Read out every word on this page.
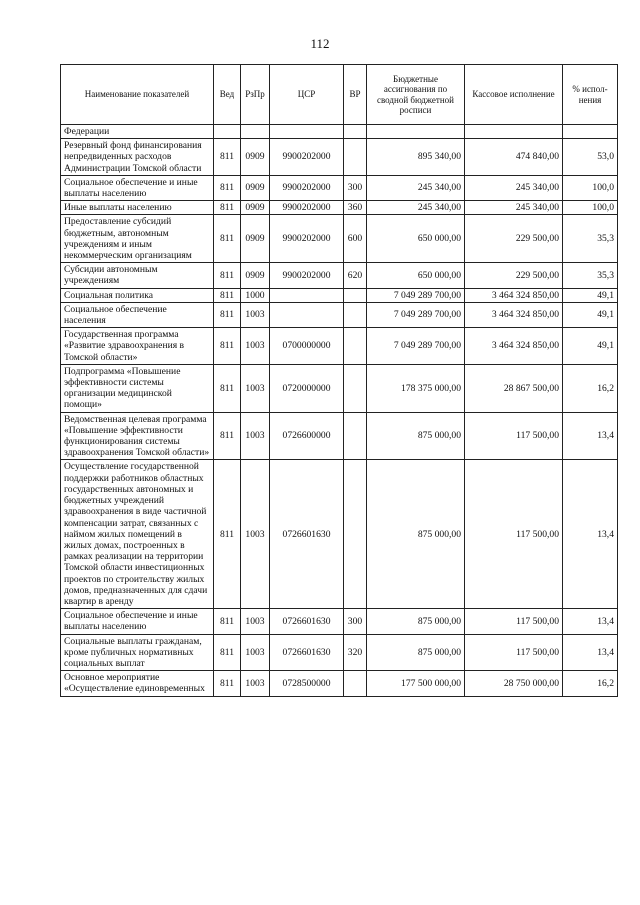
112
Наименование показателей	Вед	РзПр	ЦСР	ВР	Бюджетные ассигнования по сводной бюджетной росписи	Кассовое исполнение	% испол-нения
Федерации							
Резервный фонд финансирования непредвиденных расходов Администрации Томской области	811	0909	9900202000		895 340,00	474 840,00	53,0
Социальное обеспечение и иные выплаты населению	811	0909	9900202000	300	245 340,00	245 340,00	100,0
Иные выплаты населению	811	0909	9900202000	360	245 340,00	245 340,00	100,0
Предоставление субсидий бюджетным, автономным учреждениям и иным некоммерческим организациям	811	0909	9900202000	600	650 000,00	229 500,00	35,3
Субсидии автономным учреждениям	811	0909	9900202000	620	650 000,00	229 500,00	35,3
Социальная политика	811	1000			7 049 289 700,00	3 464 324 850,00	49,1
Социальное обеспечение населения	811	1003			7 049 289 700,00	3 464 324 850,00	49,1
Государственная программа «Развитие здравоохранения в Томской области»	811	1003	0700000000		7 049 289 700,00	3 464 324 850,00	49,1
Подпрограмма «Повышение эффективности системы организации медицинской помощи»	811	1003	0720000000		178 375 000,00	28 867 500,00	16,2
Ведомственная целевая программа «Повышение эффективности функционирования системы здравоохранения Томской области»	811	1003	0726600000		875 000,00	117 500,00	13,4
Осуществление государственной поддержки работников областных государственных автономных и бюджетных учреждений здравоохранения в виде частичной компенсации затрат, связанных с наймом жилых помещений в жилых домах, построенных в рамках реализации на территории Томской области инвестиционных проектов по строительству жилых домов, предназначенных для сдачи квартир в аренду	811	1003	0726601630		875 000,00	117 500,00	13,4
Социальное обеспечение и иные выплаты населению	811	1003	0726601630	300	875 000,00	117 500,00	13,4
Социальные выплаты гражданам, кроме публичных нормативных социальных выплат	811	1003	0726601630	320	875 000,00	117 500,00	13,4
Основное мероприятие «Осуществление единовременных	811	1003	0728500000		177 500 000,00	28 750 000,00	16,2
